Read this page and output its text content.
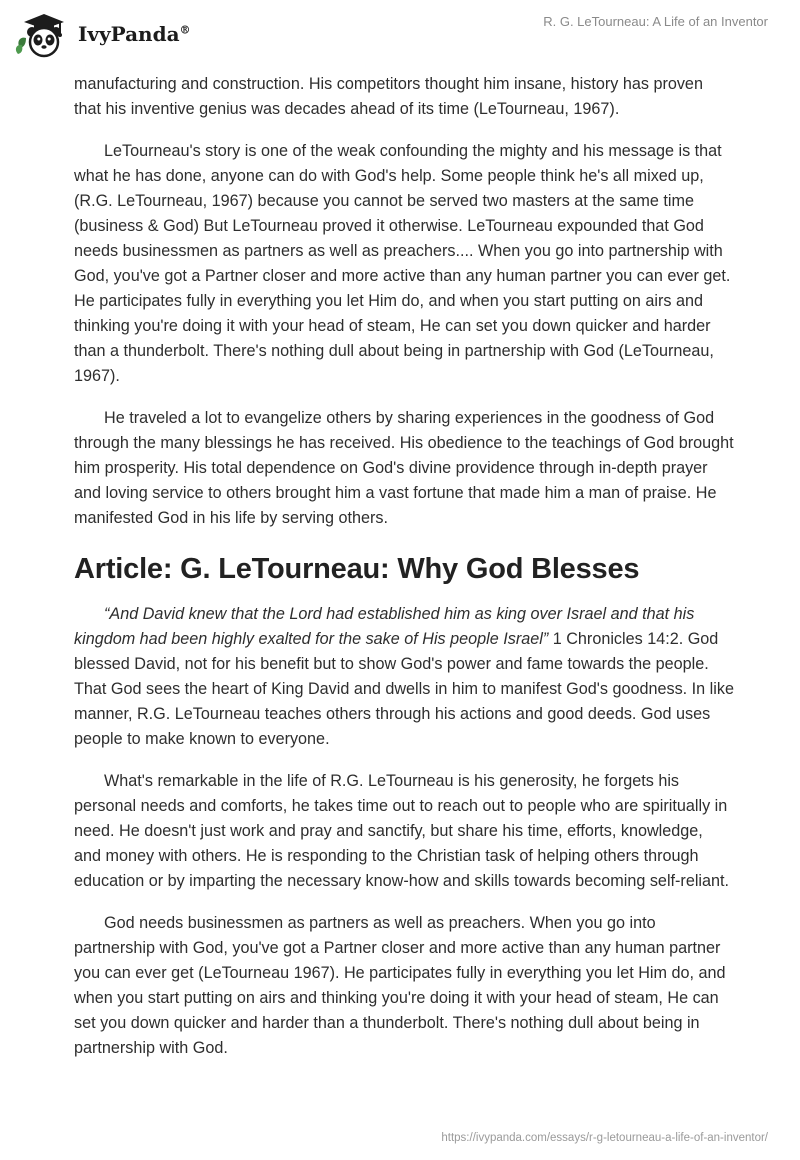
IvyPanda®
R. G. LeTourneau: A Life of an Inventor

manufacturing and construction. His competitors thought him insane, history has proven that his inventive genius was decades ahead of its time (LeTourneau, 1967).

LeTourneau's story is one of the weak confounding the mighty and his message is that what he has done, anyone can do with God's help. Some people think he's all mixed up, (R.G. LeTourneau, 1967) because you cannot be served two masters at the same time (business & God) But LeTourneau proved it otherwise. LeTourneau expounded that God needs businessmen as partners as well as preachers.... When you go into partnership with God, you've got a Partner closer and more active than any human partner you can ever get. He participates fully in everything you let Him do, and when you start putting on airs and thinking you're doing it with your head of steam, He can set you down quicker and harder than a thunderbolt. There's nothing dull about being in partnership with God (LeTourneau, 1967).

He traveled a lot to evangelize others by sharing experiences in the goodness of God through the many blessings he has received. His obedience to the teachings of God brought him prosperity. His total dependence on God's divine providence through in-depth prayer and loving service to others brought him a vast fortune that made him a man of praise. He manifested God in his life by serving others.

Article: G. LeTourneau: Why God Blesses

“And David knew that the Lord had established him as king over Israel and that his kingdom had been highly exalted for the sake of His people Israel” 1 Chronicles 14:2. God blessed David, not for his benefit but to show God's power and fame towards the people. That God sees the heart of King David and dwells in him to manifest God's goodness. In like manner, R.G. LeTourneau teaches others through his actions and good deeds. God uses people to make known to everyone.

What's remarkable in the life of R.G. LeTourneau is his generosity, he forgets his personal needs and comforts, he takes time out to reach out to people who are spiritually in need. He doesn't just work and pray and sanctify, but share his time, efforts, knowledge, and money with others. He is responding to the Christian task of helping others through education or by imparting the necessary know-how and skills towards becoming self-reliant.

God needs businessmen as partners as well as preachers. When you go into partnership with God, you've got a Partner closer and more active than any human partner you can ever get (LeTourneau 1967). He participates fully in everything you let Him do, and when you start putting on airs and thinking you're doing it with your head of steam, He can set you down quicker and harder than a thunderbolt. There's nothing dull about being in partnership with God.

https://ivypanda.com/essays/r-g-letourneau-a-life-of-an-inventor/
